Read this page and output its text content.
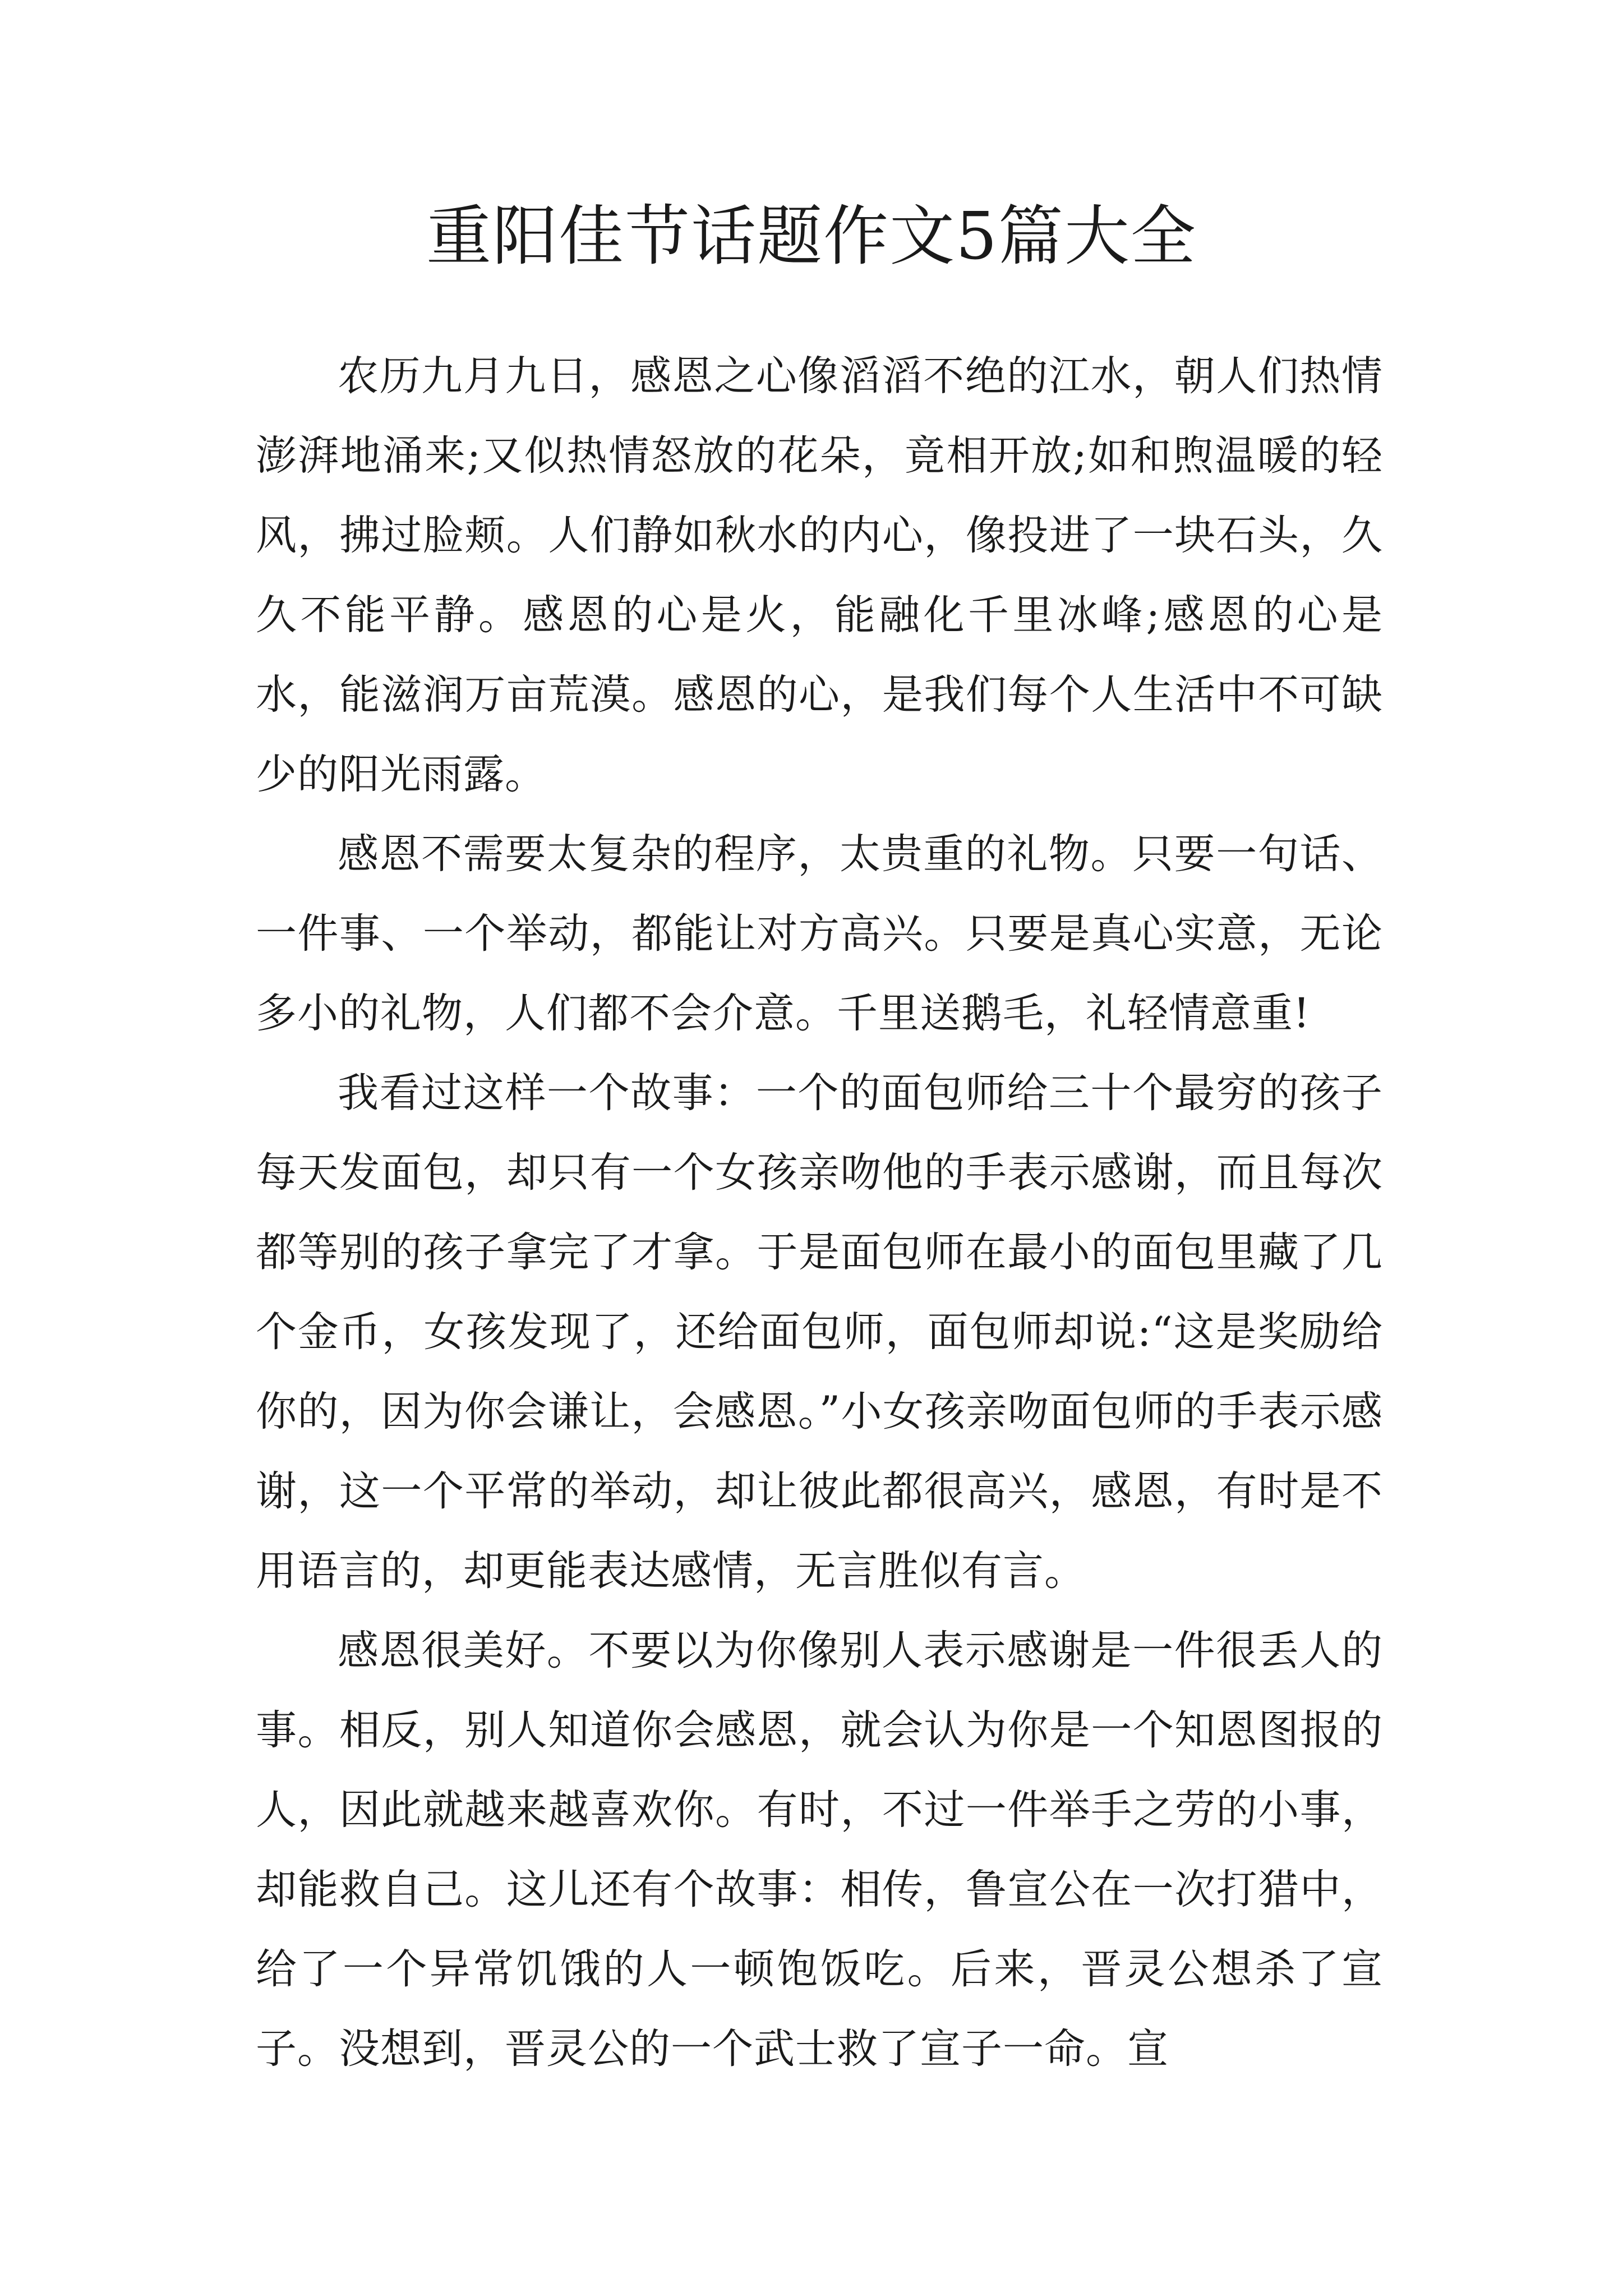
重阳佳节话题作文5篇大全

农历九月九日，感恩之心像滔滔不绝的江水，朝人们热情澎湃地涌来;又似热情怒放的花朵，竟相开放;如和煦温暖的轻风，拂过脸颊。人们静如秋水的内心，像投进了一块石头，久久不能平静。感恩的心是火，能融化千里冰峰;感恩的心是水，能滋润万亩荒漠。感恩的心，是我们每个人生活中不可缺少的阳光雨露。

感恩不需要太复杂的程序，太贵重的礼物。只要一句话、一件事、一个举动，都能让对方高兴。只要是真心实意，无论多小的礼物，人们都不会介意。千里送鹅毛，礼轻情意重!

我看过这样一个故事：一个的面包师给三十个最穷的孩子每天发面包，却只有一个女孩亲吻他的手表示感谢，而且每次都等别的孩子拿完了才拿。于是面包师在最小的面包里藏了几个金币，女孩发现了，还给面包师，面包师却说:“这是奖励给你的，因为你会谦让，会感恩。”小女孩亲吻面包师的手表示感谢，这一个平常的举动，却让彼此都很高兴，感恩，有时是不用语言的，却更能表达感情，无言胜似有言。

感恩很美好。不要以为你像别人表示感谢是一件很丢人的事。相反，别人知道你会感恩，就会认为你是一个知恩图报的人，因此就越来越喜欢你。有时，不过一件举手之劳的小事，却能救自己。这儿还有个故事：相传，鲁宣公在一次打猎中，给了一个异常饥饿的人一顿饱饭吃。后来，晋灵公想杀了宣子。没想到，晋灵公的一个武士救了宣子一命。宣
